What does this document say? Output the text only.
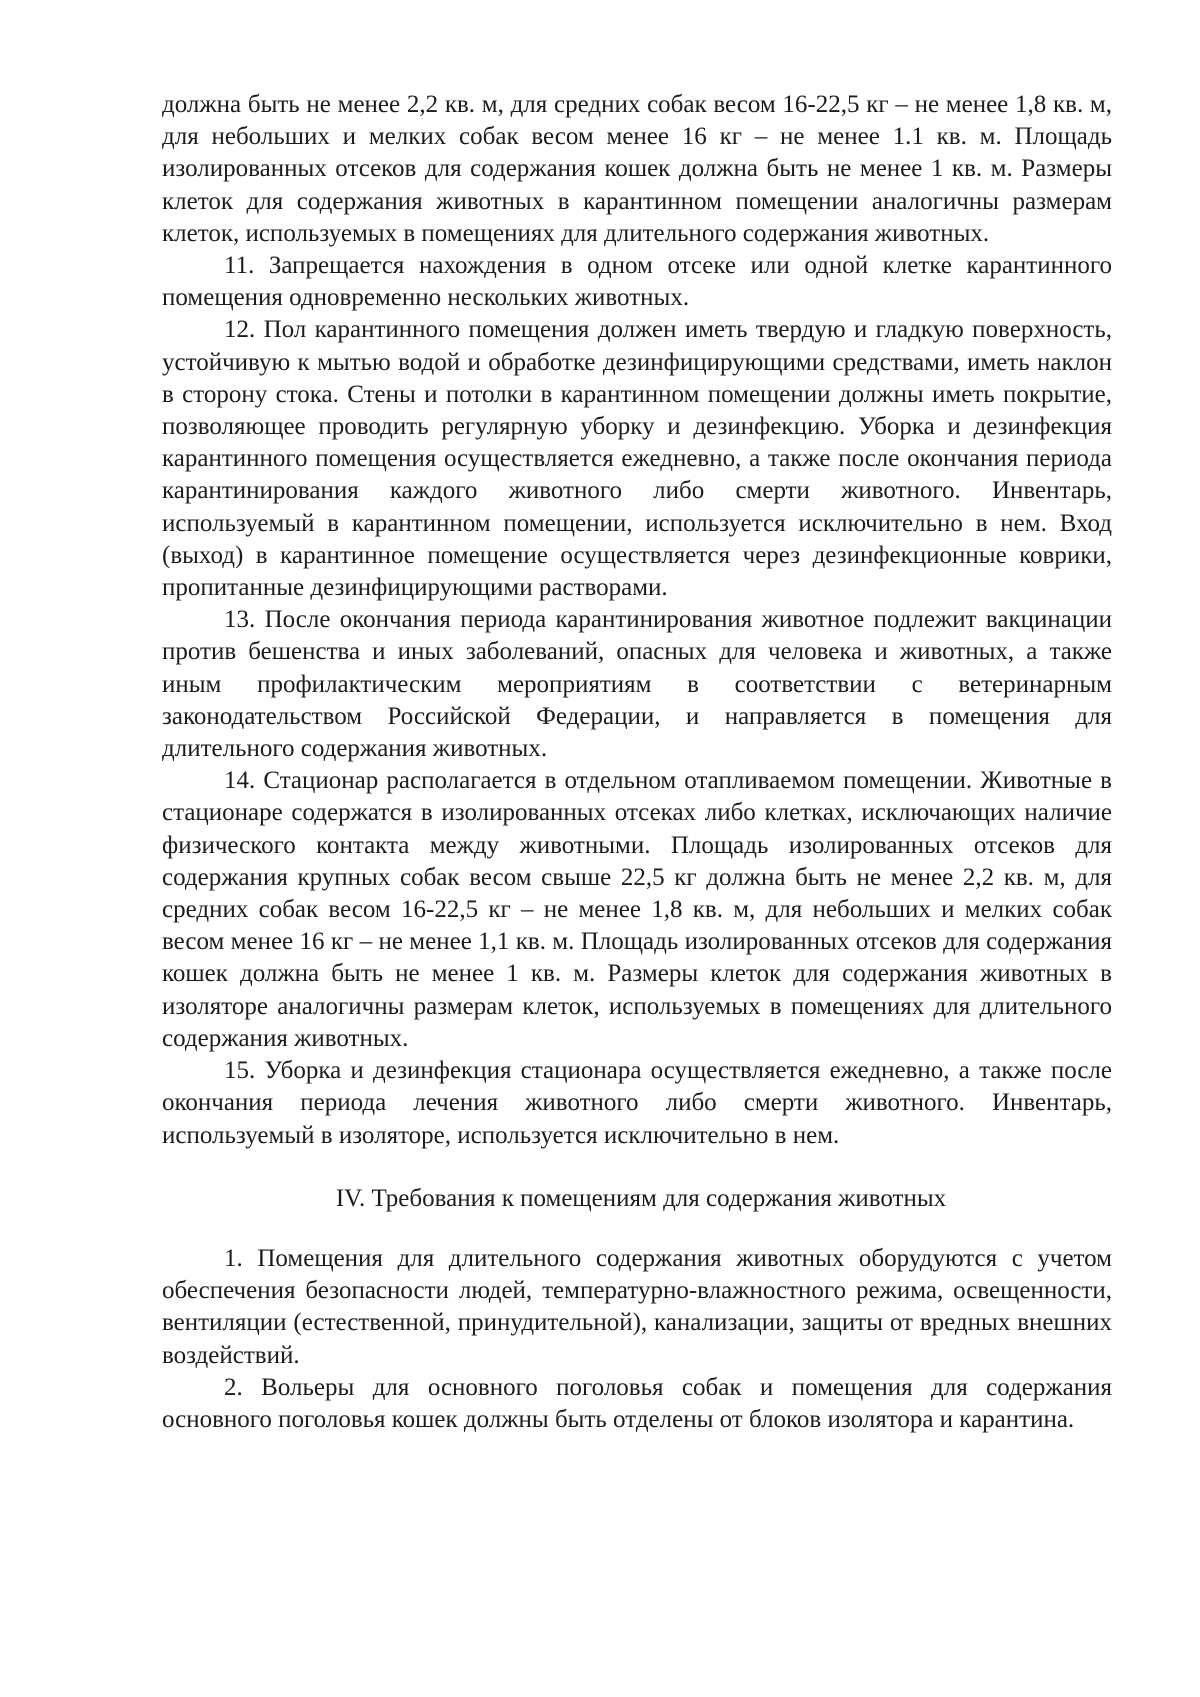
должна быть не менее 2,2 кв. м, для средних собак весом 16-22,5 кг – не менее 1,8 кв. м, для небольших и мелких собак весом менее 16 кг – не менее 1.1 кв. м. Площадь изолированных отсеков для содержания кошек должна быть не менее 1 кв. м. Размеры клеток для содержания животных в карантинном помещении аналогичны размерам клеток, используемых в помещениях для длительного содержания животных.

11. Запрещается нахождения в одном отсеке или одной клетке карантинного помещения одновременно нескольких животных.

12. Пол карантинного помещения должен иметь твердую и гладкую поверхность, устойчивую к мытью водой и обработке дезинфицирующими средствами, иметь наклон в сторону стока. Стены и потолки в карантинном помещении должны иметь покрытие, позволяющее проводить регулярную уборку и дезинфекцию. Уборка и дезинфекция карантинного помещения осуществляется ежедневно, а также после окончания периода карантинирования каждого животного либо смерти животного. Инвентарь, используемый в карантинном помещении, используется исключительно в нем. Вход (выход) в карантинное помещение осуществляется через дезинфекционные коврики, пропитанные дезинфицирующими растворами.

13. После окончания периода карантинирования животное подлежит вакцинации против бешенства и иных заболеваний, опасных для человека и животных, а также иным профилактическим мероприятиям в соответствии с ветеринарным законодательством Российской Федерации, и направляется в помещения для длительного содержания животных.

14. Стационар располагается в отдельном отапливаемом помещении. Животные в стационаре содержатся в изолированных отсеках либо клетках, исключающих наличие физического контакта между животными. Площадь изолированных отсеков для содержания крупных собак весом свыше 22,5 кг должна быть не менее 2,2 кв. м, для средних собак весом 16-22,5 кг – не менее 1,8 кв. м, для небольших и мелких собак весом менее 16 кг – не менее 1,1 кв. м. Площадь изолированных отсеков для содержания кошек должна быть не менее 1 кв. м. Размеры клеток для содержания животных в изоляторе аналогичны размерам клеток, используемых в помещениях для длительного содержания животных.

15. Уборка и дезинфекция стационара осуществляется ежедневно, а также после окончания периода лечения животного либо смерти животного. Инвентарь, используемый в изоляторе, используется исключительно в нем.

IV. Требования к помещениям для содержания животных

1. Помещения для длительного содержания животных оборудуются с учетом обеспечения безопасности людей, температурно-влажностного режима, освещенности, вентиляции (естественной, принудительной), канализации, защиты от вредных внешних воздействий.

2. Вольеры для основного поголовья собак и помещения для содержания основного поголовья кошек должны быть отделены от блоков изолятора и карантина.
